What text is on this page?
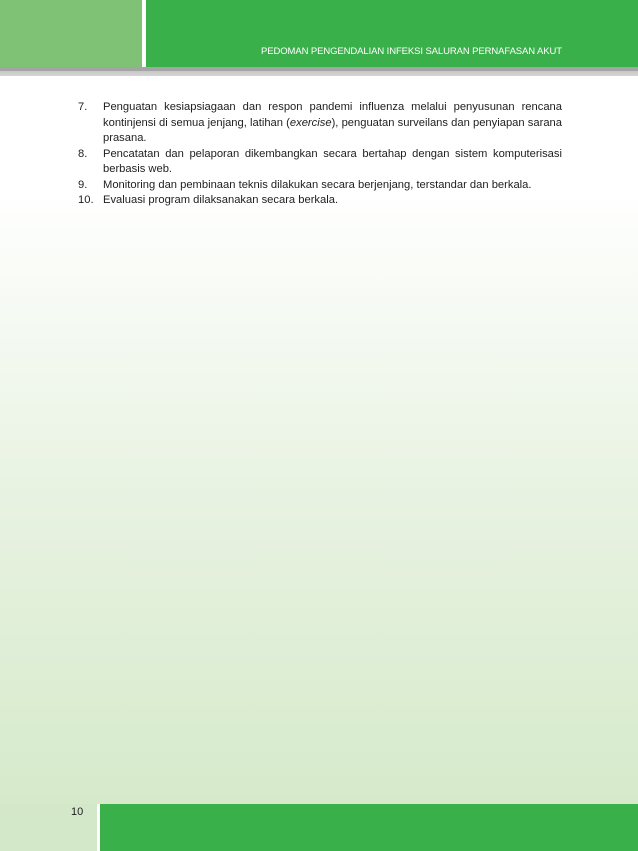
PEDOMAN PENGENDALIAN INFEKSI SALURAN PERNAFASAN AKUT
7.	Penguatan kesiapsiagaan dan respon pandemi influenza melalui penyusunan rencana kontinjensi di semua jenjang, latihan (exercise), penguatan surveilans dan penyiapan sarana prasana.
8.	Pencatatan dan pelaporan dikembangkan secara bertahap dengan sistem komputerisasi berbasis web.
9.	Monitoring dan pembinaan teknis dilakukan secara berjenjang, terstandar dan berkala.
10. Evaluasi program dilaksanakan secara berkala.
10
